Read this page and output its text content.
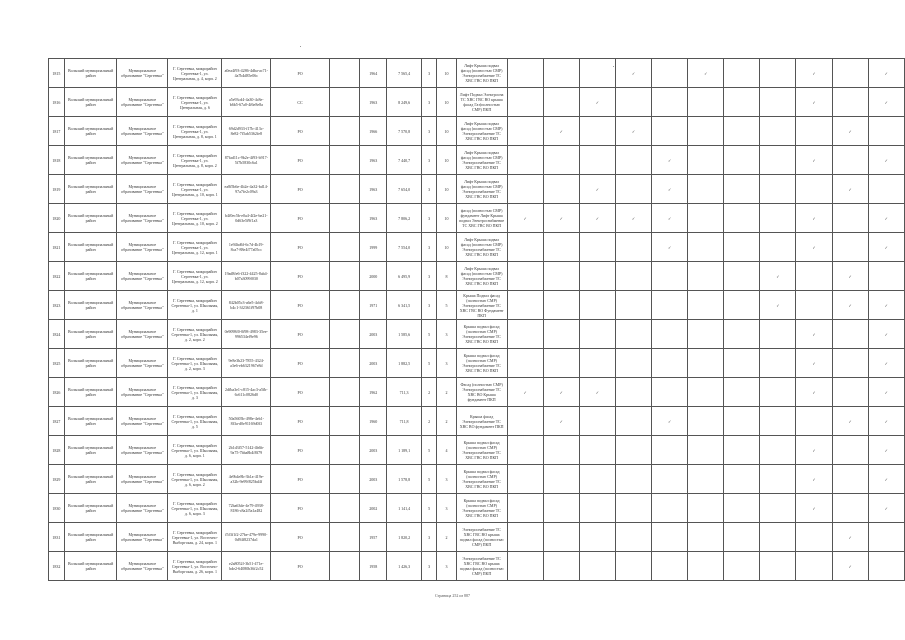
1815	Вольский муниципальный район	Муниципальное образование "Сергеевка"	Г. Сергеевка, микрорайон Сергеевка-1, ул. Центральная, д. 4, корп. 2	a0ea4f93-4286-4dba-ac71-4a7b4d85e06c	РО		1964	7 565,4	3	10	Лифт Крыша подвал фасад (полностью СМР) Электроснабжение ТС ХВС ГВС ВО ПКП				✓		✓			✓		✓
1816	Вольский муниципальный район	Муниципальное образование "Сергеевка"	Г. Сергеевка, микрорайон Сергеевка-1, ул. Центральная, д. 6	a5e93cd4-4a30-4c8e-b6b5-67a0-4f6e8e8a	СС		1963	8 249,6	3	10	Лифт Подвал Электросна ТС ХВС ГВС ВО крыша фасад Газ(полностью СМР) ПКП			✓						✓		✓
1817	Вольский муниципальный район	Муниципальное образование "Сергеевка"	Г. Сергеевка, микрорайон Сергеевка-1, ул. Центральная, д. 8, корп. 1	69d2d933-f17b-413c-8e82-7f5ab5362fe8	РО		1966	7 570,8	3	10	Лифт Крыша подвал фасад (полностью СМР) Электроснабжение ТС ХВС ГВС ВО ПКП		✓		✓						✓	
1818	Вольский муниципальный район	Муниципальное образование "Сергеевка"	Г. Сергеевка, микрорайон Сергеевка-1, ул. Центральная, д. 8, корп. 2	87fad11c-9b2e-4f93-b917-5f7b5830c6a1	РО		1963	7 440,7	3	10	Лифт Крыша подвал фасад (полностью СМР) Электроснабжение ТС ХВС ГВС ВО ПКП					✓				✓		✓
1819	Вольский муниципальный район	Муниципальное образование "Сергеевка"	Г. Сергеевка, микрорайон Сергеевка-1, ул. Центральная, д. 10, корп. 1	ea8f5b6e-4b2e-4a32-bd14-97a7fe2c09a3	РО		1963	7 654,0	3	10	Лифт Крыша подвал фасад (полностью СМР) Электроснабжение ТС ХВС ГВС ВО ПКП			✓		✓					✓	
1820	Вольский муниципальный район	Муниципальное образование "Сергеевка"	Г. Сергеевка, микрорайон Сергеевка-1, ул. Центральная, д. 10, корп. 2	b4f0ec5b-e0a4-4f2e-be21-0d63e5f9f1a3	РО		1963	7 806,2	3	10	фасад (полностью СМР) фундамент Лифт Крыша подвал Электроснабжение ТС ХВС ГВС ВО ПКП	✓	✓	✓	✓	✓				✓		✓
1821	Вольский муниципальный район	Муниципальное образование "Сергеевка"	Г. Сергеевка, микрорайон Сергеевка-1, ул. Центральная, д. 12, корп. 1	1e94bd6f-6c7d-4b19-8ca7-88e4f77a05cc	РО		1999	7 554,0	3	10	Лифт Крыша подвал фасад (полностью СМР) Электроснабжение ТС ХВС ГВС ВО ПКП					✓				✓		✓
1822	Вольский муниципальный район	Муниципальное образование "Сергеевка"	Г. Сергеевка, микрорайон Сергеевка-1, ул. Центральная, д. 12, корп. 2	19ad8fe6-f322-4425-8ab4-b07a3099f030	РО		2000	6 495,9	3	8	Лифт Крыша подвал фасад (полностью СМР) Электроснабжение ТС ХВС ГВС ВО ПКП								✓		✓	
1823	Вольский муниципальный район	Муниципальное образование "Сергеевка"	Г. Сергеевка, микрорайон Сергеевка-1, ул. Школьная, д. 1	842b05c3-a6e5-4cb8-b4c1-3f2361f97b08	РО		1971	6 341,5	3	5	Крыша Подвал фасад (полностью СМР) Электроснабжение ТС ХВС ГВС ВО Фундамент ПКП								✓		✓	✓
1824	Вольский муниципальный район	Муниципальное образование "Сергеевка"	Г. Сергеевка, микрорайон Сергеевка-1, ул. Школьная, д. 2, корп. 2	0e9098f0-0f98-4983-35ee-996534ef9e96	РО		2003	1 585,6	5	3	Крыша подвал фасад (полностью СМР) Электроснабжение ТС ХВС ГВС ВО ПКП									✓		✓
1825	Вольский муниципальный район	Муниципальное образование "Сергеевка"	Г. Сергеевка, микрорайон Сергеевка-1, ул. Школьная, д. 2, корп. 3	9e8e3b23-7855-4324-a3e6-eb6321967e8d	РО		2003	1 882,5	5	3	Крыша подвал фасад (полностью СМР) Электроснабжение ТС ХВС ГВС ВО ПКП									✓		✓
1826	Вольский муниципальный район	Муниципальное образование "Сергеевка"	Г. Сергеевка, микрорайон Сергеевка-1, ул. Школьная, д. 3	2dfba3e1-c815-4ac3-a5fb-6c611c0826d0	РО		1962	711,3	2	2	Фасад (полностью СМР) Электроснабжение ТС ХВС ВО Крыша фундамент ПКП	✓	✓	✓						✓		✓
1827	Вольский муниципальный район	Муниципальное образование "Сергеевка"	Г. Сергеевка, микрорайон Сергеевка-1, ул. Школьная, д. 5	50a5605b-498e-4eb1-8f3a-d0e91169d0f3	РО		1960	711,8	2	2	Крыша фасад Электроснабжение ТС ХВС ВО фундамент ПКП		✓			✓					✓	✓
1828	Вольский муниципальный район	Муниципальное образование "Сергеевка"	Г. Сергеевка, микрорайон Сергеевка-1, ул. Школьная, д. 6, корп. 1	2b1d3f57-5142-4b6b-9a75-7bba8b4f8f79	РО		2003	1 189,1	5	4	Крыша подвал фасад (полностью СМР) Электроснабжение ТС ХВС ГВС ВО ПКП									✓		✓
1829	Вольский муниципальный район	Муниципальное образование "Сергеевка"	Г. Сергеевка, микрорайон Сергеевка-1, ул. Школьная, д. 6, корп. 2	4e9b4e8b-3b1a-419e-a32b-9e99f825bd4f	РО		2003	1 578,8	5	3	Крыша подвал фасад (полностью СМР) Электроснабжение ТС ХВС ГВС ВО ПКП									✓		✓
1830	Вольский муниципальный район	Муниципальное образование "Сергеевка"	Г. Сергеевка, микрорайон Сергеевка-1, ул. Школьная, д. 6, корп. 3	72ba63de-4e79-4938-8186-c8a2f5a1a482	РО		2002	1 141,4	5	3	Крыша подвал фасад (полностью СМР) Электроснабжение ТС ХВС ГВС ВО ПКП									✓		✓
1831	Вольский муниципальный район	Муниципальное образование "Сергеевка"	Г. Сергеевка, микрорайон Сергеевка-1, ул. Восточно-Выборгская, д. 24, корп. 1	f5f3f1f2-27be-479e-9990-0d94f8237da1	РО		1957	1 820,2	3	2	Электроснабжение ТС ХВС ГВС ВО крыша подвал фасад (полностью СМР) ПКП										✓	
1832	Вольский муниципальный район	Муниципальное образование "Сергеевка"	Г. Сергеевка, микрорайон Сергеевка-1, ул. Восточно-Выборгская, д. 26, корп. 1	e2a8052f-3b51-471e-bde2-64080b36f2c52	РО		1958	1 426,3	3	3	Электроснабжение ТС ХВС ГВС ВО крыша подвал фасад (полностью СМР) ПКП										✓	
Страница 252 из 887
